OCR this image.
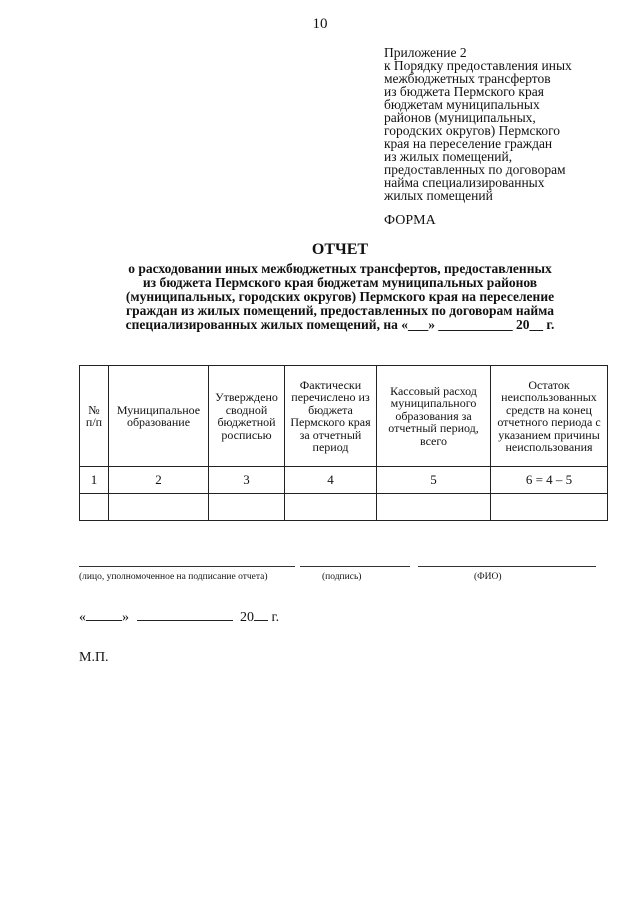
10
Приложение 2
к Порядку предоставления иных
межбюджетных трансфертов
из бюджета Пермского края
бюджетам муниципальных
районов (муниципальных,
городских округов) Пермского
края на переселение граждан
из жилых помещений,
предоставленных по договорам
найма специализированных
жилых помещений
ФОРМА
ОТЧЕТ
о расходовании иных межбюджетных трансфертов, предоставленных
из бюджета Пермского края бюджетам муниципальных районов
(муниципальных, городских округов) Пермского края на переселение
граждан из жилых помещений, предоставленных по договорам найма
специализированных жилых помещений, на «___» ___________ 20__ г.
№ п/п	Муниципальное образование	Утверждено сводной бюджетной росписью	Фактически перечислено из бюджета Пермского края за отчетный период	Кассовый расход муниципального образования за отчетный период, всего	Остаток неиспользованных средств на конец отчетного периода с указанием причины неиспользования
1	2	3	4	5	6 = 4 – 5

(лицо, уполномоченное на подписание отчета)	(подпись)	(ФИО)
«	»	20 г.
М.П.
